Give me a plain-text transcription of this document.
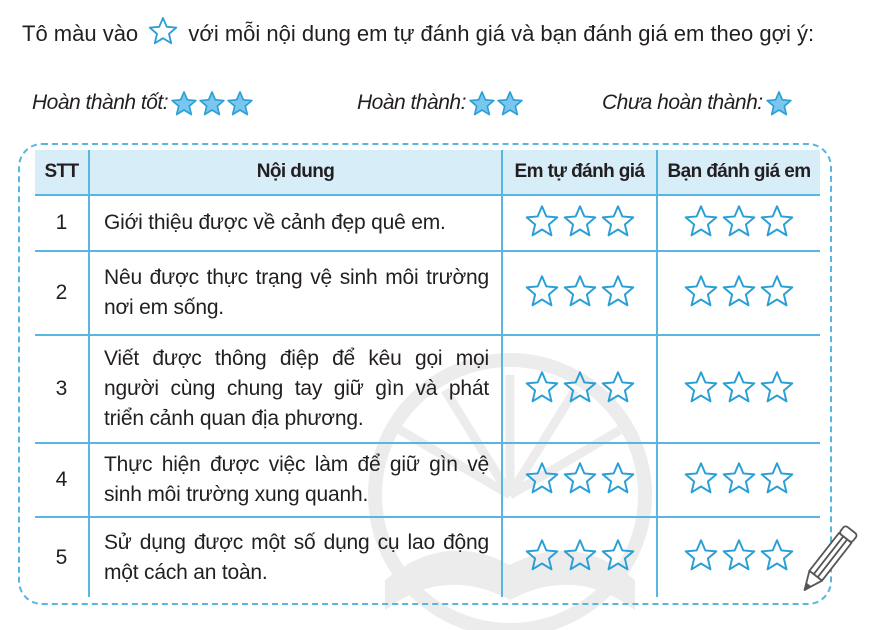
Tô màu vào với mỗi nội dung em tự đánh giá và bạn đánh giá em theo gợi ý:
Hoàn thành tốt:	Hoàn thành:	Chưa hoàn thành:
STT	Nội dung	Em tự đánh giá	Bạn đánh giá em
1	Giới thiệu được về cảnh đẹp quê em.	

2	Nêu được thực trạng vệ sinh môi trường nơi em sống.	

3	Viết được thông điệp để kêu gọi mọi người cùng chung tay giữ gìn và phát triển cảnh quan địa phương.	

4	Thực hiện được việc làm để giữ gìn vệ sinh môi trường xung quanh.	

5	Sử dụng được một số dụng cụ lao động một cách an toàn.	
